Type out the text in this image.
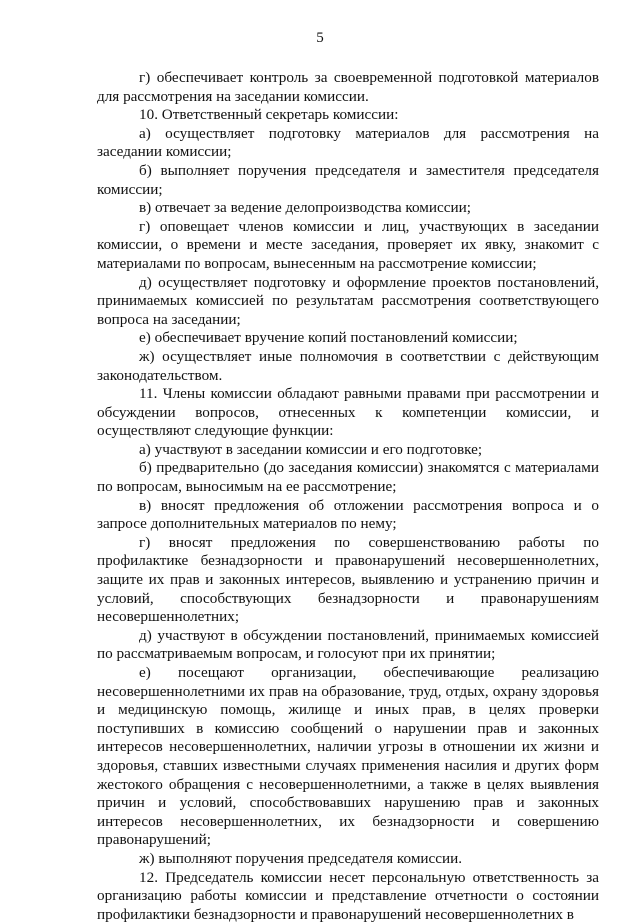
5

г) обеспечивает контроль за своевременной подготовкой материалов для рассмотрения на заседании комиссии.

10. Ответственный секретарь комиссии:

а) осуществляет подготовку материалов для рассмотрения на заседании комиссии;

б) выполняет поручения председателя и заместителя председателя комиссии;

в) отвечает за ведение делопроизводства комиссии;

г) оповещает членов комиссии и лиц, участвующих в заседании комиссии, о времени и месте заседания, проверяет их явку, знакомит с материалами по вопросам, вынесенным на рассмотрение комиссии;

д) осуществляет подготовку и оформление проектов постановлений, принимаемых комиссией по результатам рассмотрения соответствующего вопроса на заседании;

е) обеспечивает вручение копий постановлений комиссии;

ж) осуществляет иные полномочия в соответствии с действующим законодательством.

11. Члены комиссии обладают равными правами при рассмотрении и обсуждении вопросов, отнесенных к компетенции комиссии, и осуществляют следующие функции:

а) участвуют в заседании комиссии и его подготовке;

б) предварительно (до заседания комиссии) знакомятся с материалами по вопросам, выносимым на ее рассмотрение;

в) вносят предложения об отложении рассмотрения вопроса и о запросе дополнительных материалов по нему;

г) вносят предложения по совершенствованию работы по профилактике безнадзорности и правонарушений несовершеннолетних, защите их прав и законных интересов, выявлению и устранению причин и условий, способствующих безнадзорности и правонарушениям несовершеннолетних;

д) участвуют в обсуждении постановлений, принимаемых комиссией по рассматриваемым вопросам, и голосуют при их принятии;

е) посещают организации, обеспечивающие реализацию несовершеннолетними их прав на образование, труд, отдых, охрану здоровья и медицинскую помощь, жилище и иных прав, в целях проверки поступивших в комиссию сообщений о нарушении прав и законных интересов несовершеннолетних, наличии угрозы в отношении их жизни и здоровья, ставших известными случаях применения насилия и других форм жестокого обращения с несовершеннолетними, а также в целях выявления причин и условий, способствовавших нарушению прав и законных интересов несовершеннолетних, их безнадзорности и совершению правонарушений;

ж) выполняют поручения председателя комиссии.

12. Председатель комиссии несет персональную ответственность за организацию работы комиссии и представление отчетности о состоянии профилактики безнадзорности и правонарушений несовершеннолетних в
